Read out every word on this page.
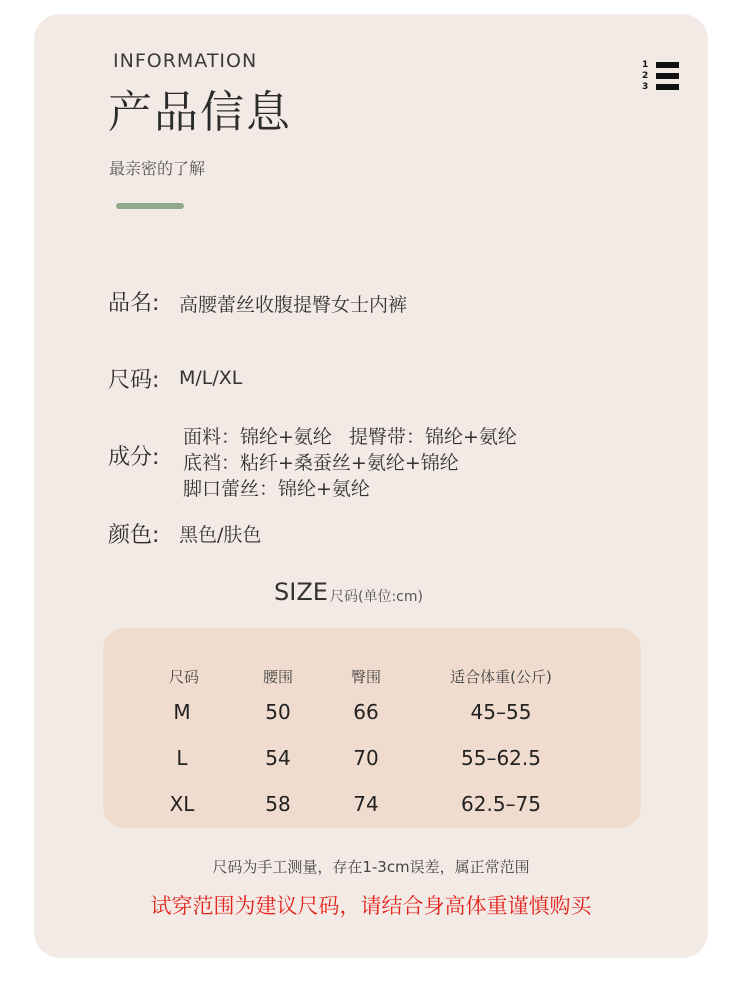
INFORMATION
产品信息
最亲密的了解
1
2
3
品名: 高腰蕾丝收腹提臀女士内裤
尺码: M/L/XL
成分:
面料：锦纶+氨纶 提臀带：锦纶+氨纶
底裆：粘纤+桑蚕丝+氨纶+锦纶
脚口蕾丝：锦纶+氨纶
颜色: 黑色/肤色
SIZE 尺码(单位:cm)
尺码	腰围	臀围	适合体重(公斤)
M	50	66	45–55
L	54	70	55–62.5
XL	58	74	62.5–75
尺码为手工测量，存在1-3cm误差，属正常范围
试穿范围为建议尺码，请结合身高体重谨慎购买
